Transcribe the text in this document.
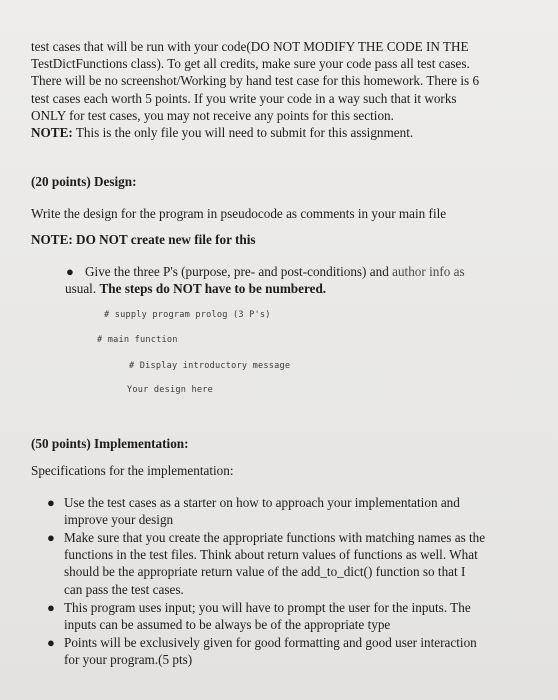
test cases that will be run with your code(DO NOT MODIFY THE CODE IN THE
TestDictFunctions class). To get all credits, make sure your code pass all test cases.
There will be no screenshot/Working by hand test case for this homework. There is 6
test cases each worth 5 points. If you write your code in a way such that it works
ONLY for test cases, you may not receive any points for this section.
NOTE: This is the only file you will need to submit for this assignment.

(20 points) Design:

Write the design for the program in pseudocode as comments in your main file

NOTE: DO NOT create new file for this

● Give the three P's (purpose, pre- and post-conditions) and author info as
usual. The steps do NOT have to be numbered.

# supply program prolog (3 P's)
# main function
# Display introductory message
Your design here

(50 points) Implementation:

Specifications for the implementation:

● Use the test cases as a starter on how to approach your implementation and
improve your design

● Make sure that you create the appropriate functions with matching names as the
functions in the test files. Think about return values of functions as well. What
should be the appropriate return value of the add_to_dict() function so that I
can pass the test cases.

● This program uses input; you will have to prompt the user for the inputs. The
inputs can be assumed to be always be of the appropriate type

● Points will be exclusively given for good formatting and good user interaction
for your program.(5 pts)
